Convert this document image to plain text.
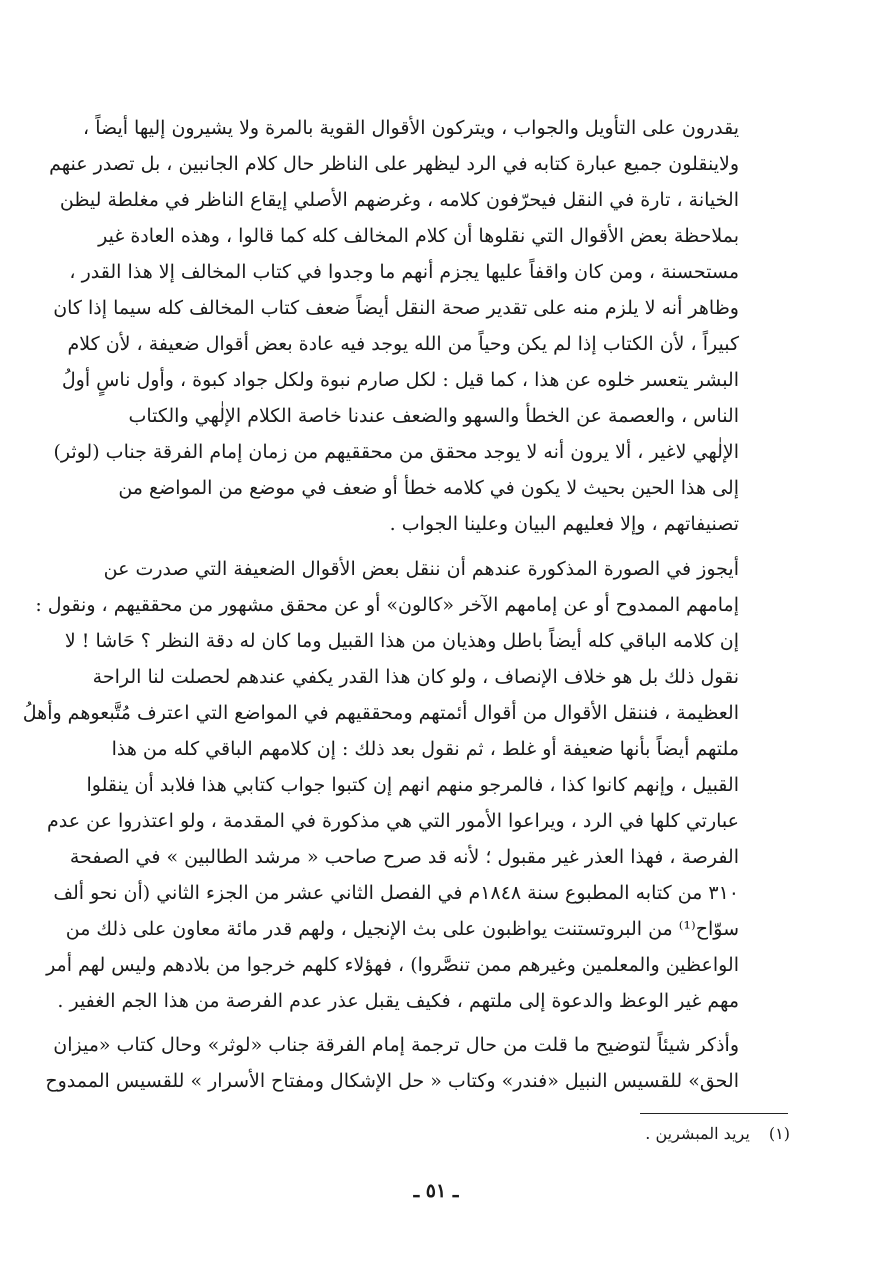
يقدرون على التأويل والجواب ، ويتركون الأقوال القوية بالمرة ولا يشيرون إليها أيضاً ،
ولاينقلون جميع عبارة كتابه في الرد ليظهر على الناظر حال كلام الجانبين ، بل تصدر عنهم
الخيانة ، تارة في النقل فيحرّفون كلامه ، وغرضهم الأصلي إيقاع الناظر في مغلطة ليظن
بملاحظة بعض الأقوال التي نقلوها أن كلام المخالف كله كما قالوا ، وهذه العادة غير
مستحسنة ، ومن كان واقفاً عليها يجزم أنهم ما وجدوا في كتاب المخالف إلا هذا القدر ،
وظاهر أنه لا يلزم منه على تقدير صحة النقل أيضاً ضعف كتاب المخالف كله سيما إذا كان
كبيراً ، لأن الكتاب إذا لم يكن وحياً من الله يوجد فيه عادة بعض أقوال ضعيفة ، لأن كلام
البشر يتعسر خلوه عن هذا ، كما قيل : لكل صارم نبوة ولكل جواد كبوة ، وأول ناسٍ أولُ
الناس ، والعصمة عن الخطأ والسهو والضعف عندنا خاصة الكلام الإلٰهي والكتاب
الإلٰهي لاغير ، ألا يرون أنه لا يوجد محقق من محققيهم من زمان إمام الفرقة جناب (لوثر)
إلى هذا الحين بحيث لا يكون في كلامه خطأ أو ضعف في موضع من المواضع من
تصنيفاتهم ، وإلا فعليهم البيان وعلينا الجواب .
أيجوز في الصورة المذكورة عندهم أن ننقل بعض الأقوال الضعيفة التي صدرت عن
إمامهم الممدوح أو عن إمامهم الآخر «كالون» أو عن محقق مشهور من محققيهم ، ونقول :
إن كلامه الباقي كله أيضاً باطل وهذيان من هذا القبيل وما كان له دقة النظر ؟ حَاشا ! لا
نقول ذلك بل هو خلاف الإنصاف ، ولو كان هذا القدر يكفي عندهم لحصلت لنا الراحة
العظيمة ، فننقل الأقوال من أقوال أئمتهم ومحققيهم في المواضع التي اعترف مُتَّبعوهم وأهلُ
ملتهم أيضاً بأنها ضعيفة أو غلط ، ثم نقول بعد ذلك : إن كلامهم الباقي كله من هذا
القبيل ، وإنهم كانوا كذا ، فالمرجو منهم انهم إن كتبوا جواب كتابي هذا فلابد أن ينقلوا
عبارتي كلها في الرد ، ويراعوا الأمور التي هي مذكورة في المقدمة ، ولو اعتذروا عن عدم
الفرصة ، فهذا العذر غير مقبول ؛ لأنه قد صرح صاحب « مرشد الطالبين » في الصفحة
٣١٠ من كتابه المطبوع سنة ١٨٤٨م في الفصل الثاني عشر من الجزء الثاني (أن نحو ألف
سوّاح⁽¹⁾ من البروتستنت يواظبون على بث الإنجيل ، ولهم قدر مائة معاون على ذلك من
الواعظين والمعلمين وغيرهم ممن تنصَّروا) ، فهؤلاء كلهم خرجوا من بلادهم وليس لهم أمر
مهم غير الوعظ والدعوة إلى ملتهم ، فكيف يقبل عذر عدم الفرصة من هذا الجم الغفير .
وأذكر شيئاً لتوضيح ما قلت من حال ترجمة إمام الفرقة جناب «لوثر» وحال كتاب «ميزان
الحق» للقسيس النبيل «فندر» وكتاب « حل الإشكال ومفتاح الأسرار » للقسيس الممدوح
(١) يريد المبشرين .
ـ ٥١ ـ
